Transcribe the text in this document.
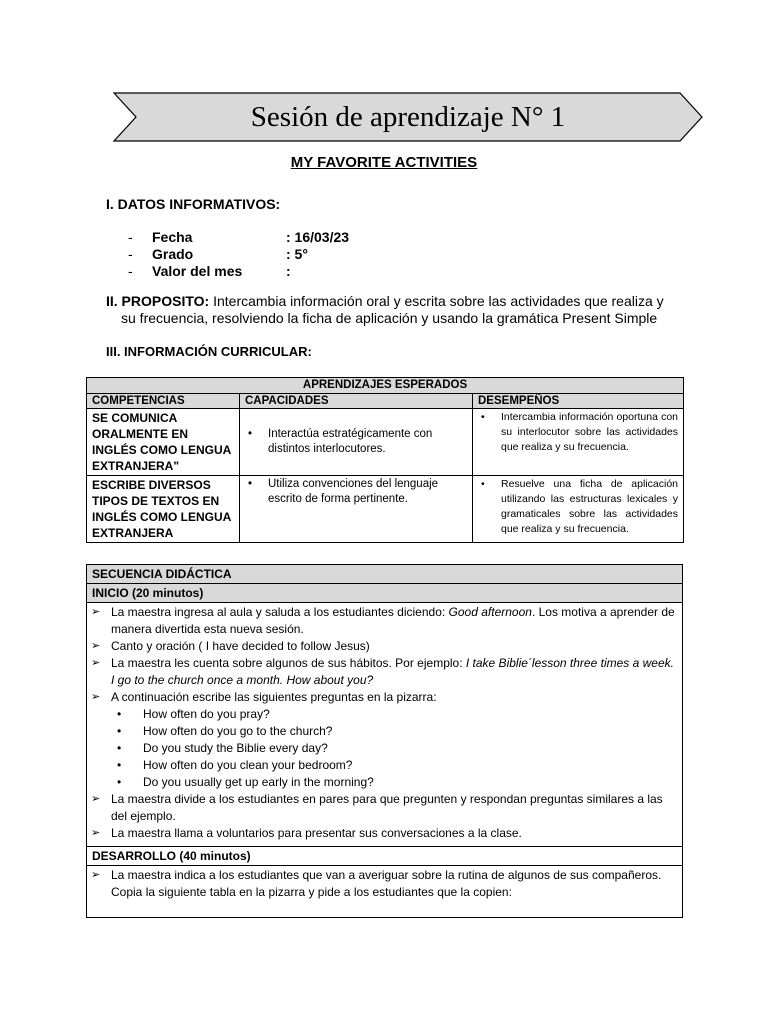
Sesión de aprendizaje N° 1
MY FAVORITE ACTIVITIES
I. DATOS INFORMATIVOS:
- Fecha	: 16/03/23
- Grado	: 5°
- Valor del mes	:
II. PROPOSITO: Intercambia información oral y escrita sobre las actividades que realiza y
su frecuencia, resolviendo la ficha de aplicación y usando la gramática Present Simple
III. INFORMACIÓN CURRICULAR:
APRENDIZAJES ESPERADOS		
COMPETENCIAS	CAPACIDADES	DESEMPEÑOS
SE COMUNICA ORALMENTE EN INGLÉS COMO LENGUA EXTRANJERA"	• Interactúa estratégicamente con distintos interlocutores.	• Intercambia información oportuna con su interlocutor sobre las actividades que realiza y su frecuencia.

ESCRIBE DIVERSOS TIPOS DE TEXTOS EN INGLÉS COMO LENGUA EXTRANJERA	• Utiliza convenciones del lenguaje escrito de forma pertinente.	• Resuelve una ficha de aplicación utilizando las estructuras lexicales y gramaticales sobre las actividades que realiza y su frecuencia.
SECUENCIA DIDÁCTICA
INICIO (20 minutos)

➢ La maestra ingresa al aula y saluda a los estudiantes diciendo: Good afternoon. Los motiva a aprender de manera divertida esta nueva sesión.
➢ Canto y oración ( I have decided to follow Jesus)
➢ La maestra les cuenta sobre algunos de sus hábitos. Por ejemplo: I take Biblie´lesson three times a week. I go to the church once a month. How about you?
➢ A continuación escribe las siguientes preguntas en la pizarra:
•	How often do you pray?
•	How often do you go to the church?
•	Do you study the Biblie every day?
•	How often do you clean your bedroom?
•	Do you usually get up early in the morning?
➢ La maestra divide a los estudiantes en pares para que pregunten y respondan preguntas similares a las del ejemplo.
➢ La maestra llama a voluntarios para presentar sus conversaciones a la clase.

DESARROLLO (40 minutos)

➢ La maestra indica a los estudiantes que van a averiguar sobre la rutina de algunos de sus compañeros. Copia la siguiente tabla en la pizarra y pide a los estudiantes que la copien:
